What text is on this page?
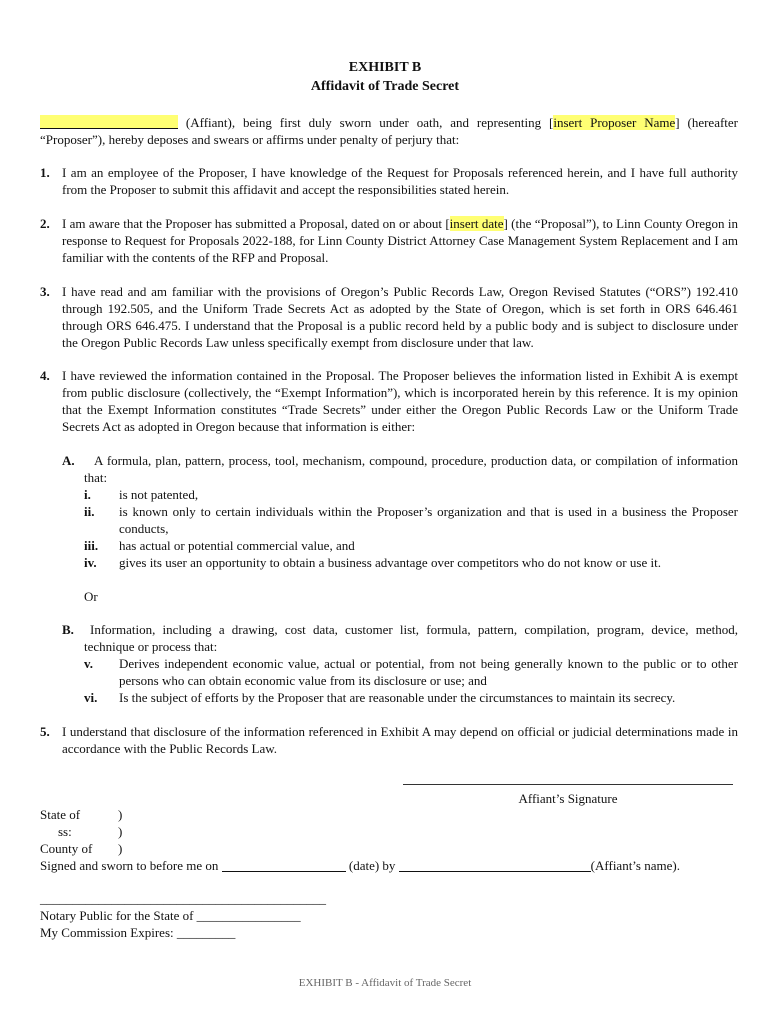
EXHIBIT B
Affidavit of Trade Secret
(Affiant), being first duly sworn under oath, and representing [insert Proposer Name] (hereafter “Proposer”), hereby deposes and swears or affirms under penalty of perjury that:
1. I am an employee of the Proposer, I have knowledge of the Request for Proposals referenced herein, and I have full authority from the Proposer to submit this affidavit and accept the responsibilities stated herein.
2. I am aware that the Proposer has submitted a Proposal, dated on or about [insert date] (the “Proposal”), to Linn County Oregon in response to Request for Proposals 2022-188, for Linn County District Attorney Case Management System Replacement and I am familiar with the contents of the RFP and Proposal.
3. I have read and am familiar with the provisions of Oregon’s Public Records Law, Oregon Revised Statutes (“ORS”) 192.410 through 192.505, and the Uniform Trade Secrets Act as adopted by the State of Oregon, which is set forth in ORS 646.461 through ORS 646.475. I understand that the Proposal is a public record held by a public body and is subject to disclosure under the Oregon Public Records Law unless specifically exempt from disclosure under that law.
4. I have reviewed the information contained in the Proposal. The Proposer believes the information listed in Exhibit A is exempt from public disclosure (collectively, the “Exempt Information”), which is incorporated herein by this reference. It is my opinion that the Exempt Information constitutes “Trade Secrets” under either the Oregon Public Records Law or the Uniform Trade Secrets Act as adopted in Oregon because that information is either:
A.	A formula, plan, pattern, process, tool, mechanism, compound, procedure, production data, or compilation of information that:
i. is not patented,
ii. is known only to certain individuals within the Proposer’s organization and that is used in a business the Proposer conducts,
iii. has actual or potential commercial value, and
iv. gives its user an opportunity to obtain a business advantage over competitors who do not know or use it.
Or
B.	Information, including a drawing, cost data, customer list, formula, pattern, compilation, program, device, method, technique or process that:
v. Derives independent economic value, actual or potential, from not being generally known to the public or to other persons who can obtain economic value from its disclosure or use; and
vi. Is the subject of efforts by the Proposer that are reasonable under the circumstances to maintain its secrecy.
5. I understand that disclosure of the information referenced in Exhibit A may depend on official or judicial determinations made in accordance with the Public Records Law.
Affiant’s Signature
State of	)
ss:	)
County of )
Signed and sworn to before me on	(date) by	(Affiant’s name).
____________________________________________
Notary Public for the State of ________________
My Commission Expires: _________
EXHIBIT B - Affidavit of Trade Secret
